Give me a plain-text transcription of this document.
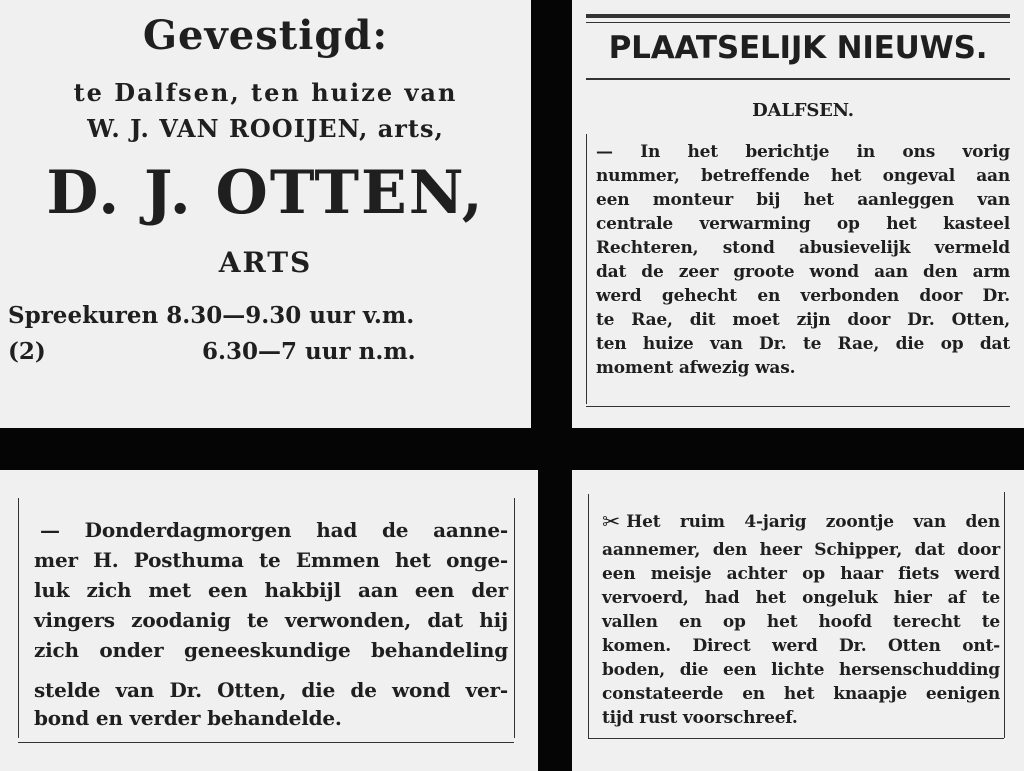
Gevestigd:
te Dalfsen, ten huize van
W. J. VAN ROOIJEN, arts,
D. J. OTTEN,
ARTS
Spreekuren 8.30—9.30 uur v.m.
(2)	6.30—7 uur n.m.
PLAATSELIJK NIEUWS.
DALFSEN.
— In het berichtje in ons vorig
nummer, betreffende het ongeval aan
een monteur bij het aanleggen van
centrale verwarming op het kasteel
Rechteren, stond abusievelijk vermeld
dat de zeer groote wond aan den arm
werd gehecht en verbonden door Dr.
te Rae, dit moet zijn door Dr. Otten,
ten huize van Dr. te Rae, die op dat
moment afwezig was.
— Donderdagmorgen had de aanne-
mer H. Posthuma te Emmen het onge-
luk zich met een hakbijl aan een der
vingers zoodanig te verwonden, dat hij
zich onder geneeskundige behandeling
stelde van Dr. Otten, die de wond ver-
bond en verder behandelde.
✂ Het ruim 4-jarig zoontje van den
aannemer, den heer Schipper, dat door
een meisje achter op haar fiets werd
vervoerd, had het ongeluk hier af te
vallen en op het hoofd terecht te
komen. Direct werd Dr. Otten ont-
boden, die een lichte hersenschudding
constateerde en het knaapje eenigen
tijd rust voorschreef.
